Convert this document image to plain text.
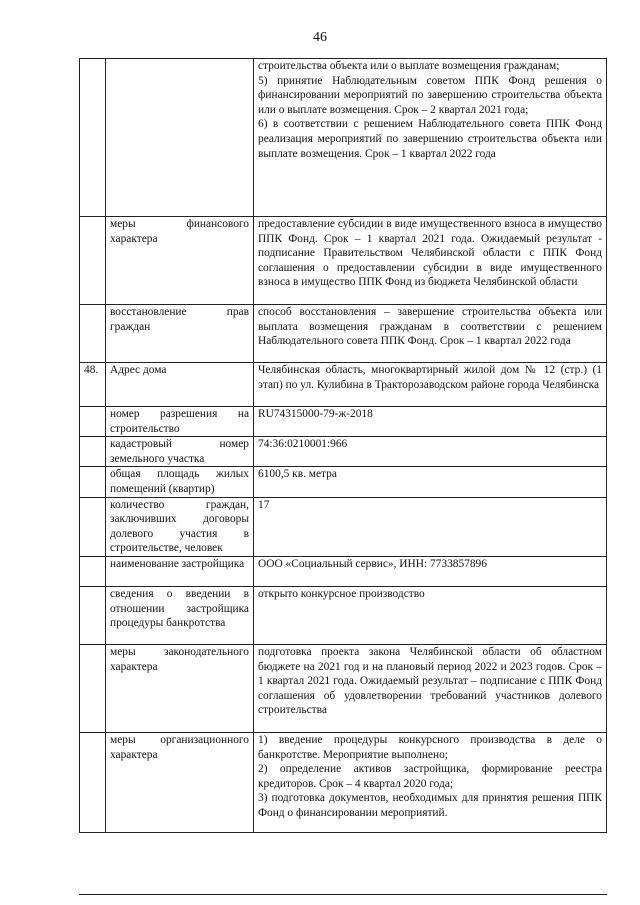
46

		строительства объекта или о выплате возмещения гражданам;
5) принятие Наблюдательным советом ППК Фонд решения о финансировании мероприятий по завершению строительства объекта или о выплате возмещения. Срок – 2 квартал 2021 года;
6) в соответствии с решением Наблюдательного совета ППК Фонд реализация мероприятий по завершению строительства объекта или выплате возмещения. Срок – 1 квартал 2022 года

	меры финансового характера	предоставление субсидии в виде имущественного взноса в имущество ППК Фонд. Срок – 1 квартал 2021 года. Ожидаемый результат - подписание Правительством Челябинской области с ППК Фонд соглашения о предоставлении субсидии в виде имущественного взноса в имущество ППК Фонд из бюджета Челябинской области

	восстановление прав граждан	способ восстановления – завершение строительства объекта или выплата возмещения гражданам в соответствии с решением Наблюдательного совета ППК Фонд. Срок – 1 квартал 2022 года

48.	Адрес дома	Челябинская область, многоквартирный жилой дом № 12 (стр.) (1 этап) по ул. Кулибина в Тракторозаводском районе города Челябинска

	номер разрешения на строительство	RU74315000-79-ж-2018

	кадастровый номер земельного участка	74:36:0210001:966

	общая площадь жилых помещений (квартир)	6100,5 кв. метра

	количество граждан, заключивших договоры долевого участия в строительстве, человек	17

	наименование застройщика	ООО «Социальный сервис», ИНН: 7733857896

	сведения о введении в отношении застройщика процедуры банкротства	открыто конкурсное производство

	меры законодательного характера	подготовка проекта закона Челябинской области об областном бюджете на 2021 год и на плановый период 2022 и 2023 годов. Срок – 1 квартал 2021 года. Ожидаемый результат – подписание с ППК Фонд соглашения об удовлетворении требований участников долевого строительства

	меры организационного характера	1) введение процедуры конкурсного производства в деле о банкротстве. Мероприятие выполнено;
2) определение активов застройщика, формирование реестра кредиторов. Срок – 4 квартал 2020 года;
3) подготовка документов, необходимых для принятия решения ППК Фонд о финансировании мероприятий.
